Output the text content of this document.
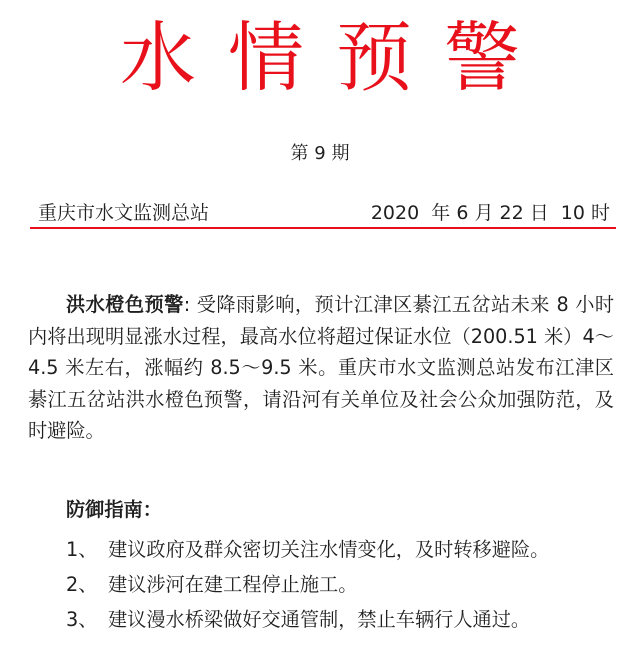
水情预警
第 9 期
重庆市水文监测总站	2020  年 6 月 22 日  10 时

洪水橙色预警: 受降雨影响，预计江津区綦江五岔站未来 8 小时内将出现明显涨水过程，最高水位将超过保证水位（200.51 米）4～4.5 米左右，涨幅约 8.5～9.5 米。重庆市水文监测总站发布江津区綦江五岔站洪水橙色预警，请沿河有关单位及社会公众加强防范，及时避险。

防御指南：
1、 建议政府及群众密切关注水情变化，及时转移避险。
2、 建议涉河在建工程停止施工。
3、 建议漫水桥梁做好交通管制，禁止车辆行人通过。
